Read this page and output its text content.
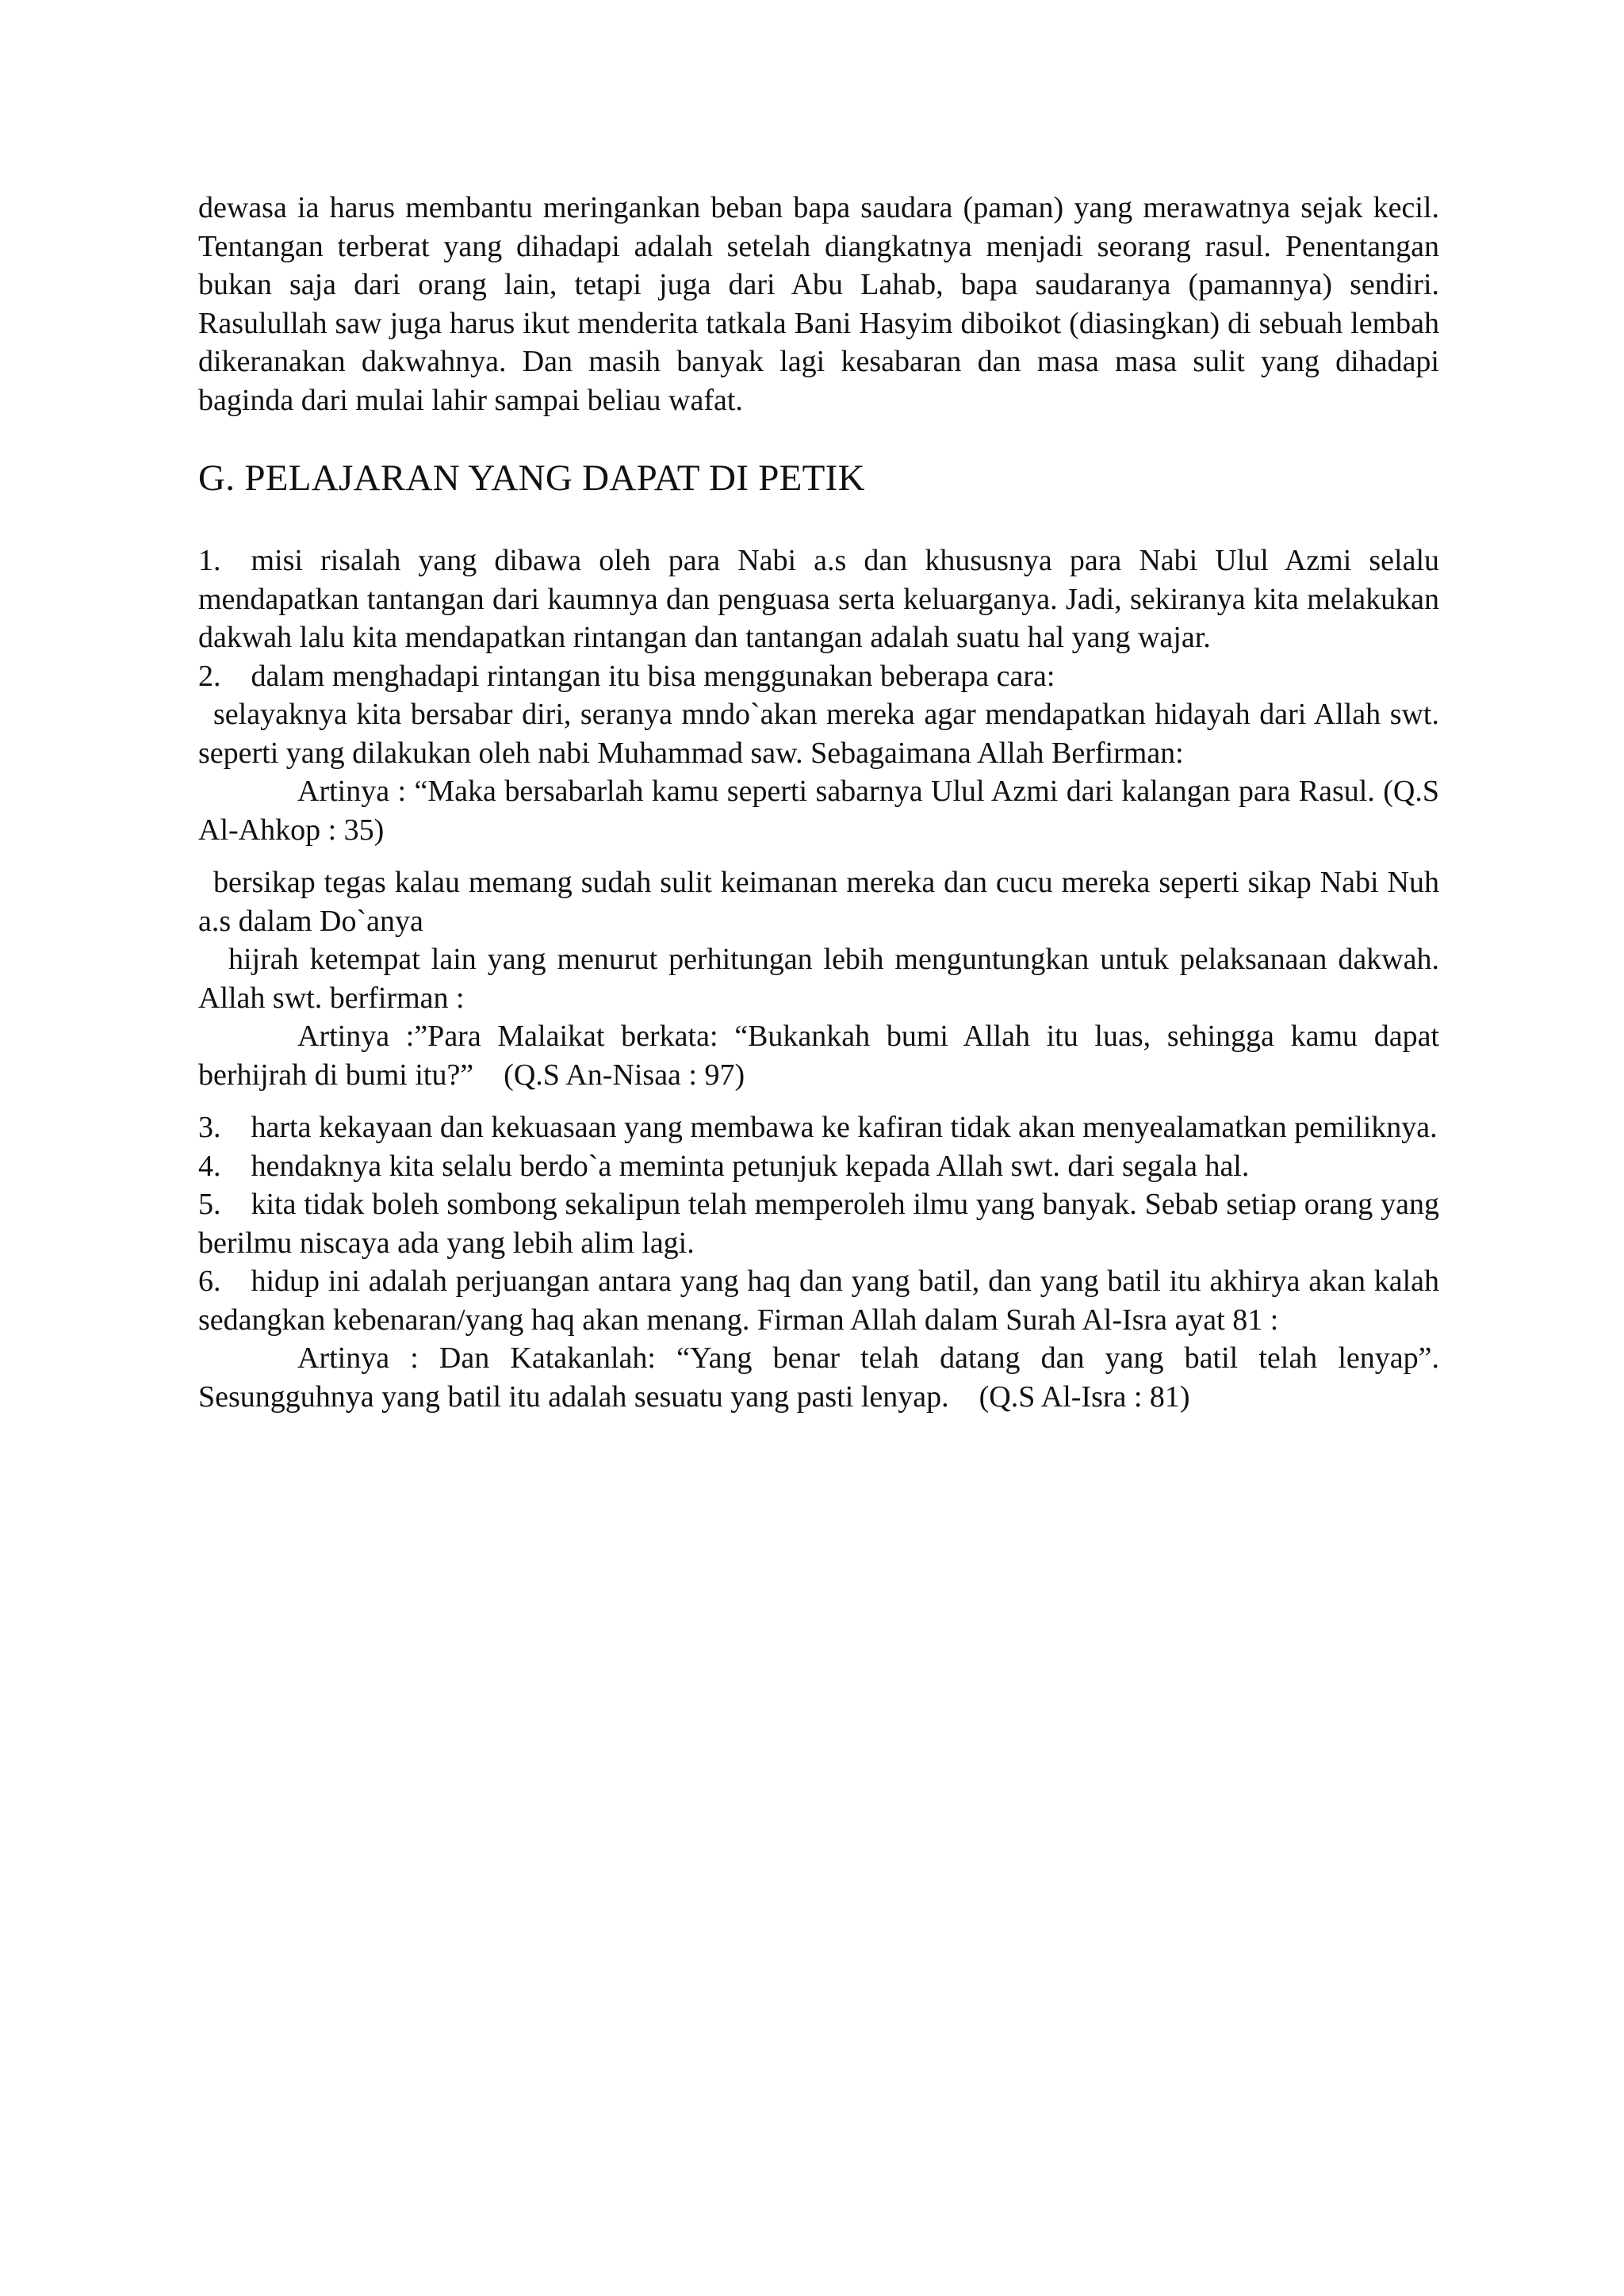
dewasa ia harus membantu meringankan beban bapa saudara (paman) yang merawatnya sejak kecil. Tentangan terberat yang dihadapi adalah setelah diangkatnya menjadi seorang rasul. Penentangan bukan saja dari orang lain, tetapi juga dari Abu Lahab, bapa saudaranya (pamannya) sendiri. Rasulullah saw juga harus ikut menderita tatkala Bani Hasyim diboikot (diasingkan) di sebuah lembah dikeranakan dakwahnya. Dan masih banyak lagi kesabaran dan masa masa sulit yang dihadapi baginda dari mulai lahir sampai beliau wafat.

G. PELAJARAN YANG DAPAT DI PETIK

1. misi risalah yang dibawa oleh para Nabi a.s dan khususnya para Nabi Ulul Azmi selalu mendapatkan tantangan dari kaumnya dan penguasa serta keluarganya. Jadi, sekiranya kita melakukan dakwah lalu kita mendapatkan rintangan dan tantangan adalah suatu hal yang wajar.

2. dalam menghadapi rintangan itu bisa menggunakan beberapa cara:

 selayaknya kita bersabar diri, seranya mndo`akan mereka agar mendapatkan hidayah dari Allah swt. seperti yang dilakukan oleh nabi Muhammad saw. Sebagaimana Allah Berfirman:

Artinya : “Maka bersabarlah kamu seperti sabarnya Ulul Azmi dari kalangan para Rasul. (Q.S Al-Ahkop : 35)

 bersikap tegas kalau memang sudah sulit keimanan mereka dan cucu mereka seperti sikap Nabi Nuh a.s dalam Do`anya

  hijrah ketempat lain yang menurut perhitungan lebih menguntungkan untuk pelaksanaan dakwah. Allah swt. berfirman :

Artinya :”Para Malaikat berkata: “Bukankah bumi Allah itu luas, sehingga kamu dapat berhijrah di bumi itu?” (Q.S An-Nisaa : 97)

3. harta kekayaan dan kekuasaan yang membawa ke kafiran tidak akan menyealamatkan pemiliknya.

4. hendaknya kita selalu berdo`a meminta petunjuk kepada Allah swt. dari segala hal.

5. kita tidak boleh sombong sekalipun telah memperoleh ilmu yang banyak. Sebab setiap orang yang berilmu niscaya ada yang lebih alim lagi.

6. hidup ini adalah perjuangan antara yang haq dan yang batil, dan yang batil itu akhirya akan kalah sedangkan kebenaran/yang haq akan menang. Firman Allah dalam Surah Al-Isra ayat 81 :

Artinya : Dan Katakanlah: “Yang benar telah datang dan yang batil telah lenyap”. Sesungguhnya yang batil itu adalah sesuatu yang pasti lenyap. (Q.S Al-Isra : 81)
